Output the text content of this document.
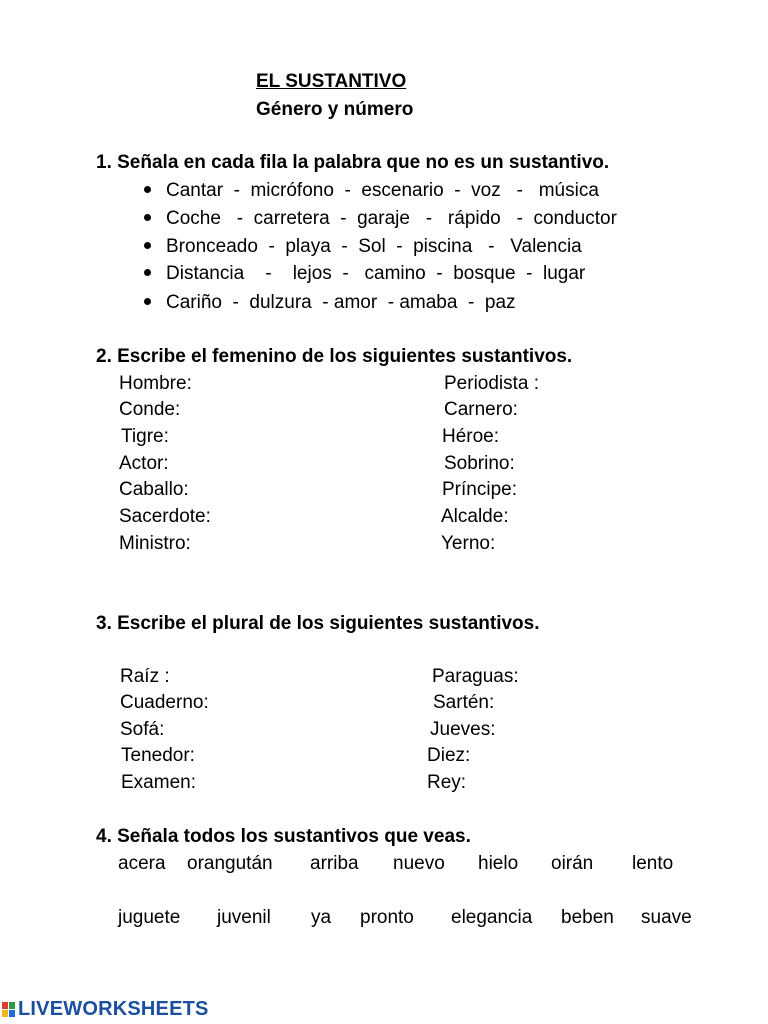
EL SUSTANTIVO
Género y número
1. Señala en cada fila la palabra que no es un sustantivo.
Cantar  -  micrófono  -  escenario  -  voz   -   música
Coche   -  carretera  -  garaje   -   rápido   -  conductor
Bronceado  -  playa  -  Sol  -  piscina   -   Valencia
Distancia    -    lejos  -   camino  -  bosque  -  lugar
Cariño  -  dulzura  - amor  - amaba  -  paz
2. Escribe el femenino de los siguientes sustantivos.
Hombre:	Periodista :
Conde:	Carnero:
Tigre:	Héroe:
Actor:	Sobrino:
Caballo:	Príncipe:
Sacerdote:	Alcalde:
Ministro:	Yerno:
3. Escribe el plural de los siguientes sustantivos.
Raíz :	Paraguas:
Cuaderno:	Sartén:
Sofá:	Jueves:
Tenedor:	Diez:
Examen:	Rey:
4. Señala todos los sustantivos que veas.
acera orangután arriba nuevo hielo oirán lento
juguete juvenil ya pronto elegancia beben suave
LIVEWORKSHEETS
